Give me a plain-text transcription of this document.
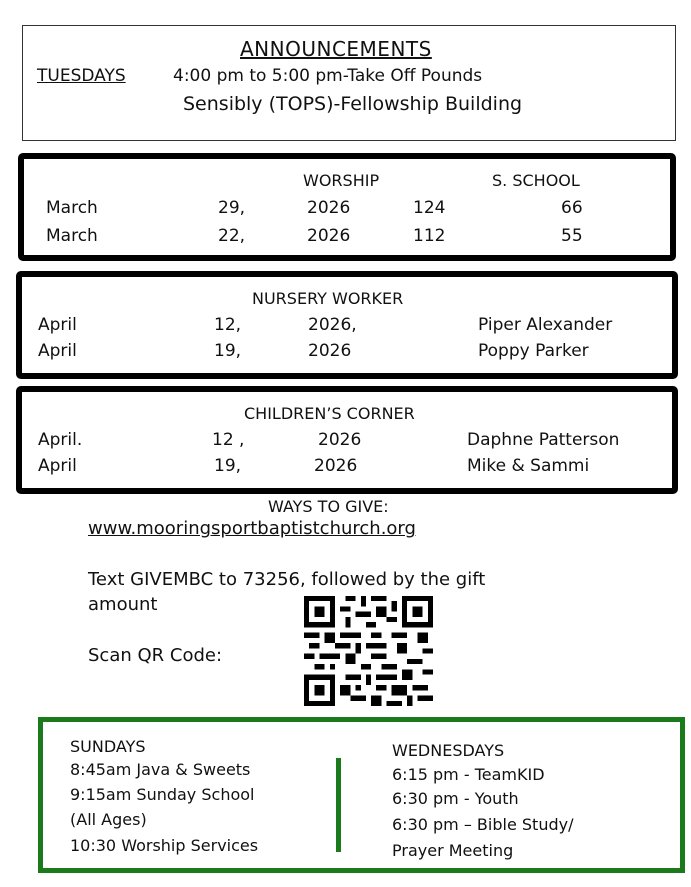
ANNOUNCEMENTS
TUESDAYS	4:00 pm to 5:00 pm-Take Off Pounds
Sensibly (TOPS)-Fellowship Building
WORSHIP	S. SCHOOL
March	29,	2026	124	66
March	22,	2026	112	55
NURSERY WORKER
April	12,	2026,	Piper Alexander
April	19,	2026	Poppy Parker
CHILDREN’S CORNER
April.	12 ,	2026	Daphne Patterson
April	19,	2026	Mike & Sammi
WAYS TO GIVE:
www.mooringsportbaptistchurch.org
Text GIVEMBC to 73256, followed by the gift
amount
Scan QR Code:
SUNDAYS
8:45am Java & Sweets
9:15am Sunday School
(All Ages)
10:30 Worship Services
WEDNESDAYS
6:15 pm - TeamKID
6:30 pm - Youth
6:30 pm – Bible Study/
Prayer Meeting
